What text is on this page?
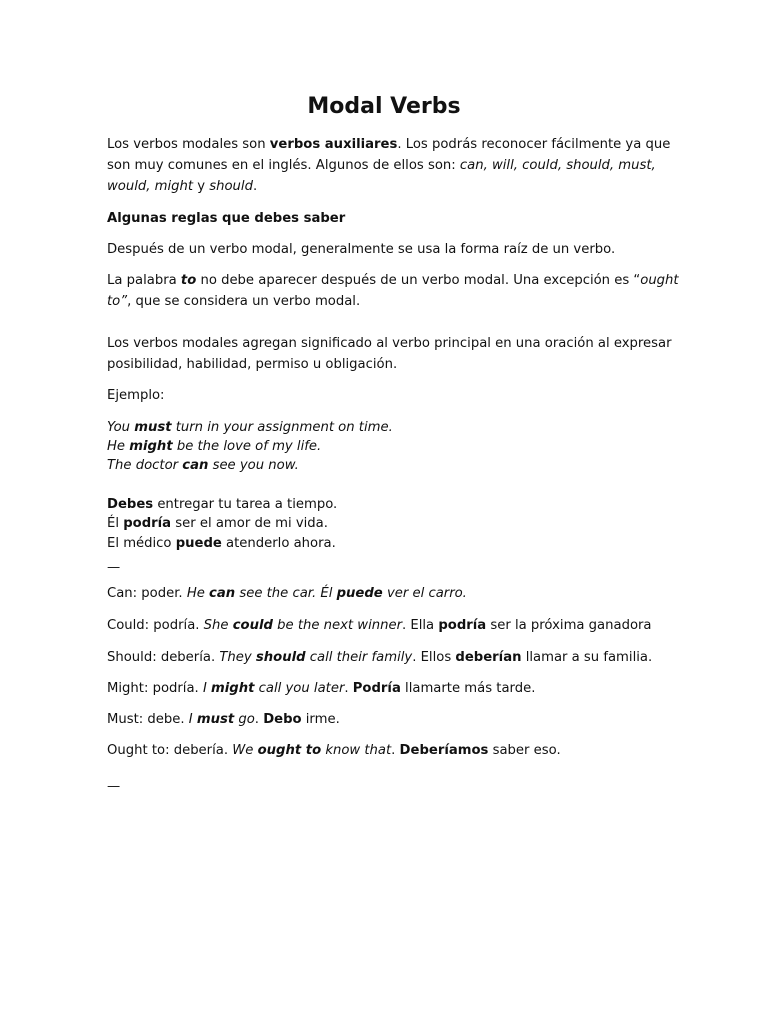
Modal Verbs
Los verbos modales son verbos auxiliares. Los podrás reconocer fácilmente ya que
son muy comunes en el inglés. Algunos de ellos son: can, will, could, should, must,
would, might y should.
Algunas reglas que debes saber
Después de un verbo modal, generalmente se usa la forma raíz de un verbo.
La palabra to no debe aparecer después de un verbo modal. Una excepción es “ought
to”, que se considera un verbo modal.
Los verbos modales agregan significado al verbo principal en una oración al expresar
posibilidad, habilidad, permiso u obligación.
Ejemplo:
You must turn in your assignment on time.
He might be the love of my life.
The doctor can see you now.
Debes entregar tu tarea a tiempo.
Él podría ser el amor de mi vida.
El médico puede atenderlo ahora.
—
Can: poder. He can see the car. Él puede ver el carro.
Could: podría. She could be the next winner. Ella podría ser la próxima ganadora
Should: debería. They should call their family. Ellos deberían llamar a su familia.
Might: podría. I might call you later. Podría llamarte más tarde.
Must: debe. I must go. Debo irme.
Ought to: debería. We ought to know that. Deberíamos saber eso.
—
